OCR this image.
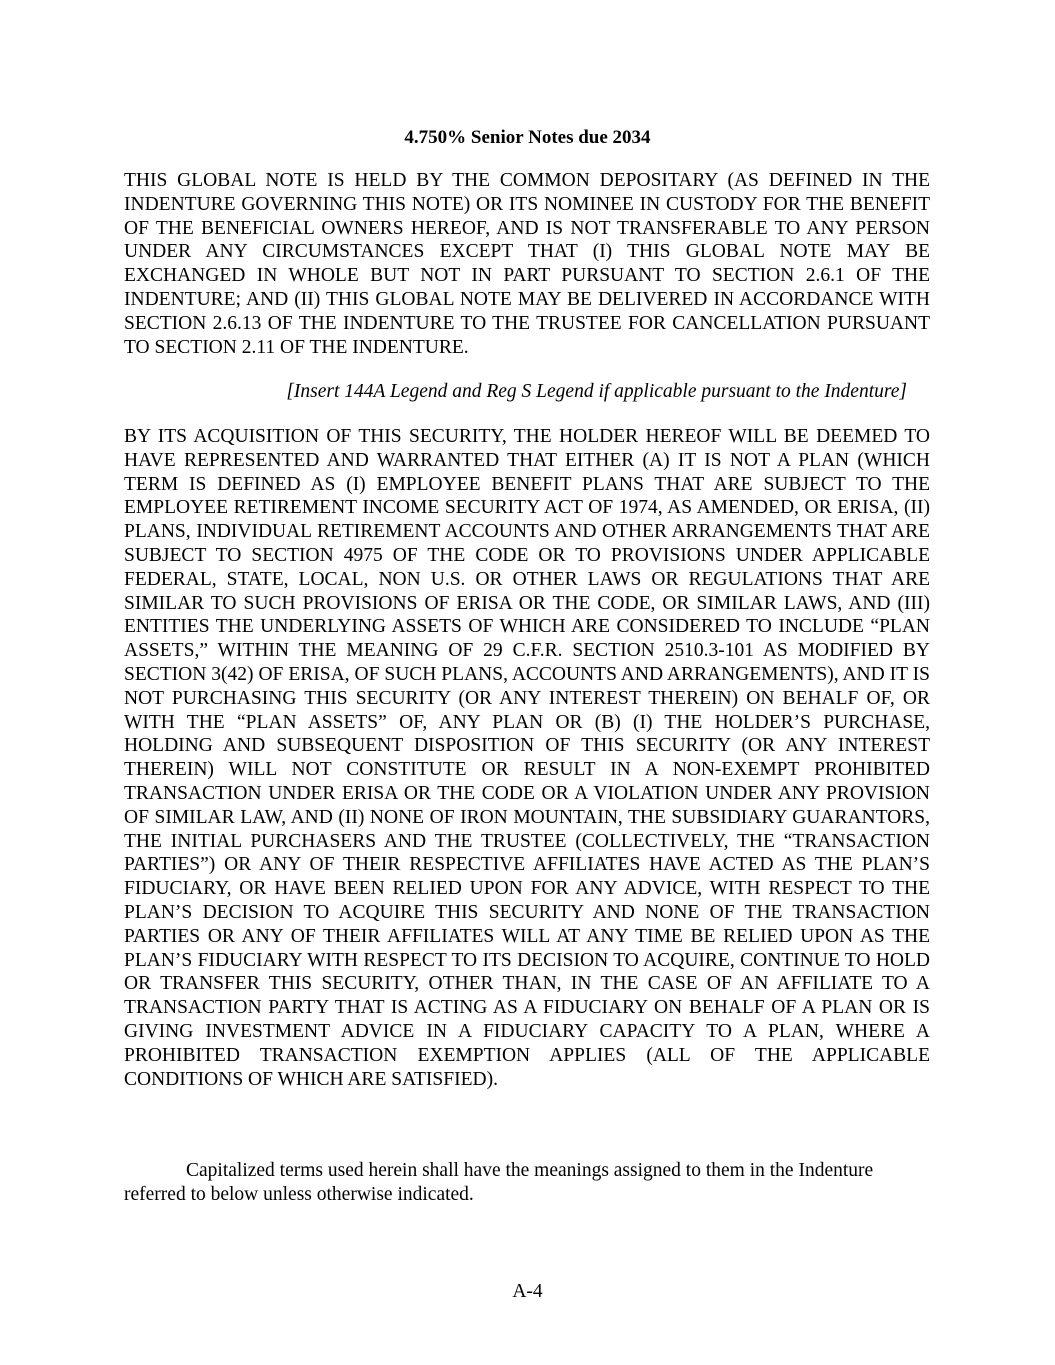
4.750% Senior Notes due 2034
THIS GLOBAL NOTE IS HELD BY THE COMMON DEPOSITARY (AS DEFINED IN THE INDENTURE GOVERNING THIS NOTE) OR ITS NOMINEE IN CUSTODY FOR THE BENEFIT OF THE BENEFICIAL OWNERS HEREOF, AND IS NOT TRANSFERABLE TO ANY PERSON UNDER ANY CIRCUMSTANCES EXCEPT THAT (I) THIS GLOBAL NOTE MAY BE EXCHANGED IN WHOLE BUT NOT IN PART PURSUANT TO SECTION 2.6.1 OF THE INDENTURE; AND (II) THIS GLOBAL NOTE MAY BE DELIVERED IN ACCORDANCE WITH SECTION 2.6.13 OF THE INDENTURE TO THE TRUSTEE FOR CANCELLATION PURSUANT TO SECTION 2.11 OF THE INDENTURE.
[Insert 144A Legend and Reg S Legend if applicable pursuant to the Indenture]
BY ITS ACQUISITION OF THIS SECURITY, THE HOLDER HEREOF WILL BE DEEMED TO HAVE REPRESENTED AND WARRANTED THAT EITHER (A) IT IS NOT A PLAN (WHICH TERM IS DEFINED AS (I) EMPLOYEE BENEFIT PLANS THAT ARE SUBJECT TO THE EMPLOYEE RETIREMENT INCOME SECURITY ACT OF 1974, AS AMENDED, OR ERISA, (II) PLANS, INDIVIDUAL RETIREMENT ACCOUNTS AND OTHER ARRANGEMENTS THAT ARE SUBJECT TO SECTION 4975 OF THE CODE OR TO PROVISIONS UNDER APPLICABLE FEDERAL, STATE, LOCAL, NON U.S. OR OTHER LAWS OR REGULATIONS THAT ARE SIMILAR TO SUCH PROVISIONS OF ERISA OR THE CODE, OR SIMILAR LAWS, AND (III) ENTITIES THE UNDERLYING ASSETS OF WHICH ARE CONSIDERED TO INCLUDE “PLAN ASSETS,” WITHIN THE MEANING OF 29 C.F.R. SECTION 2510.3-101 AS MODIFIED BY SECTION 3(42) OF ERISA, OF SUCH PLANS, ACCOUNTS AND ARRANGEMENTS), AND IT IS NOT PURCHASING THIS SECURITY (OR ANY INTEREST THEREIN) ON BEHALF OF, OR WITH THE “PLAN ASSETS” OF, ANY PLAN OR (B) (I) THE HOLDER’S PURCHASE, HOLDING AND SUBSEQUENT DISPOSITION OF THIS SECURITY (OR ANY INTEREST THEREIN) WILL NOT CONSTITUTE OR RESULT IN A NON-EXEMPT PROHIBITED TRANSACTION UNDER ERISA OR THE CODE OR A VIOLATION UNDER ANY PROVISION OF SIMILAR LAW, AND (II) NONE OF IRON MOUNTAIN, THE SUBSIDIARY GUARANTORS, THE INITIAL PURCHASERS AND THE TRUSTEE (COLLECTIVELY, THE “TRANSACTION PARTIES”) OR ANY OF THEIR RESPECTIVE AFFILIATES HAVE ACTED AS THE PLAN’S FIDUCIARY, OR HAVE BEEN RELIED UPON FOR ANY ADVICE, WITH RESPECT TO THE PLAN’S DECISION TO ACQUIRE THIS SECURITY AND NONE OF THE TRANSACTION PARTIES OR ANY OF THEIR AFFILIATES WILL AT ANY TIME BE RELIED UPON AS THE PLAN’S FIDUCIARY WITH RESPECT TO ITS DECISION TO ACQUIRE, CONTINUE TO HOLD OR TRANSFER THIS SECURITY, OTHER THAN, IN THE CASE OF AN AFFILIATE TO A TRANSACTION PARTY THAT IS ACTING AS A FIDUCIARY ON BEHALF OF A PLAN OR IS GIVING INVESTMENT ADVICE IN A FIDUCIARY CAPACITY TO A PLAN, WHERE A PROHIBITED TRANSACTION EXEMPTION APPLIES (ALL OF THE APPLICABLE CONDITIONS OF WHICH ARE SATISFIED).
Capitalized terms used herein shall have the meanings assigned to them in the Indenture referred to below unless otherwise indicated.
A-4
